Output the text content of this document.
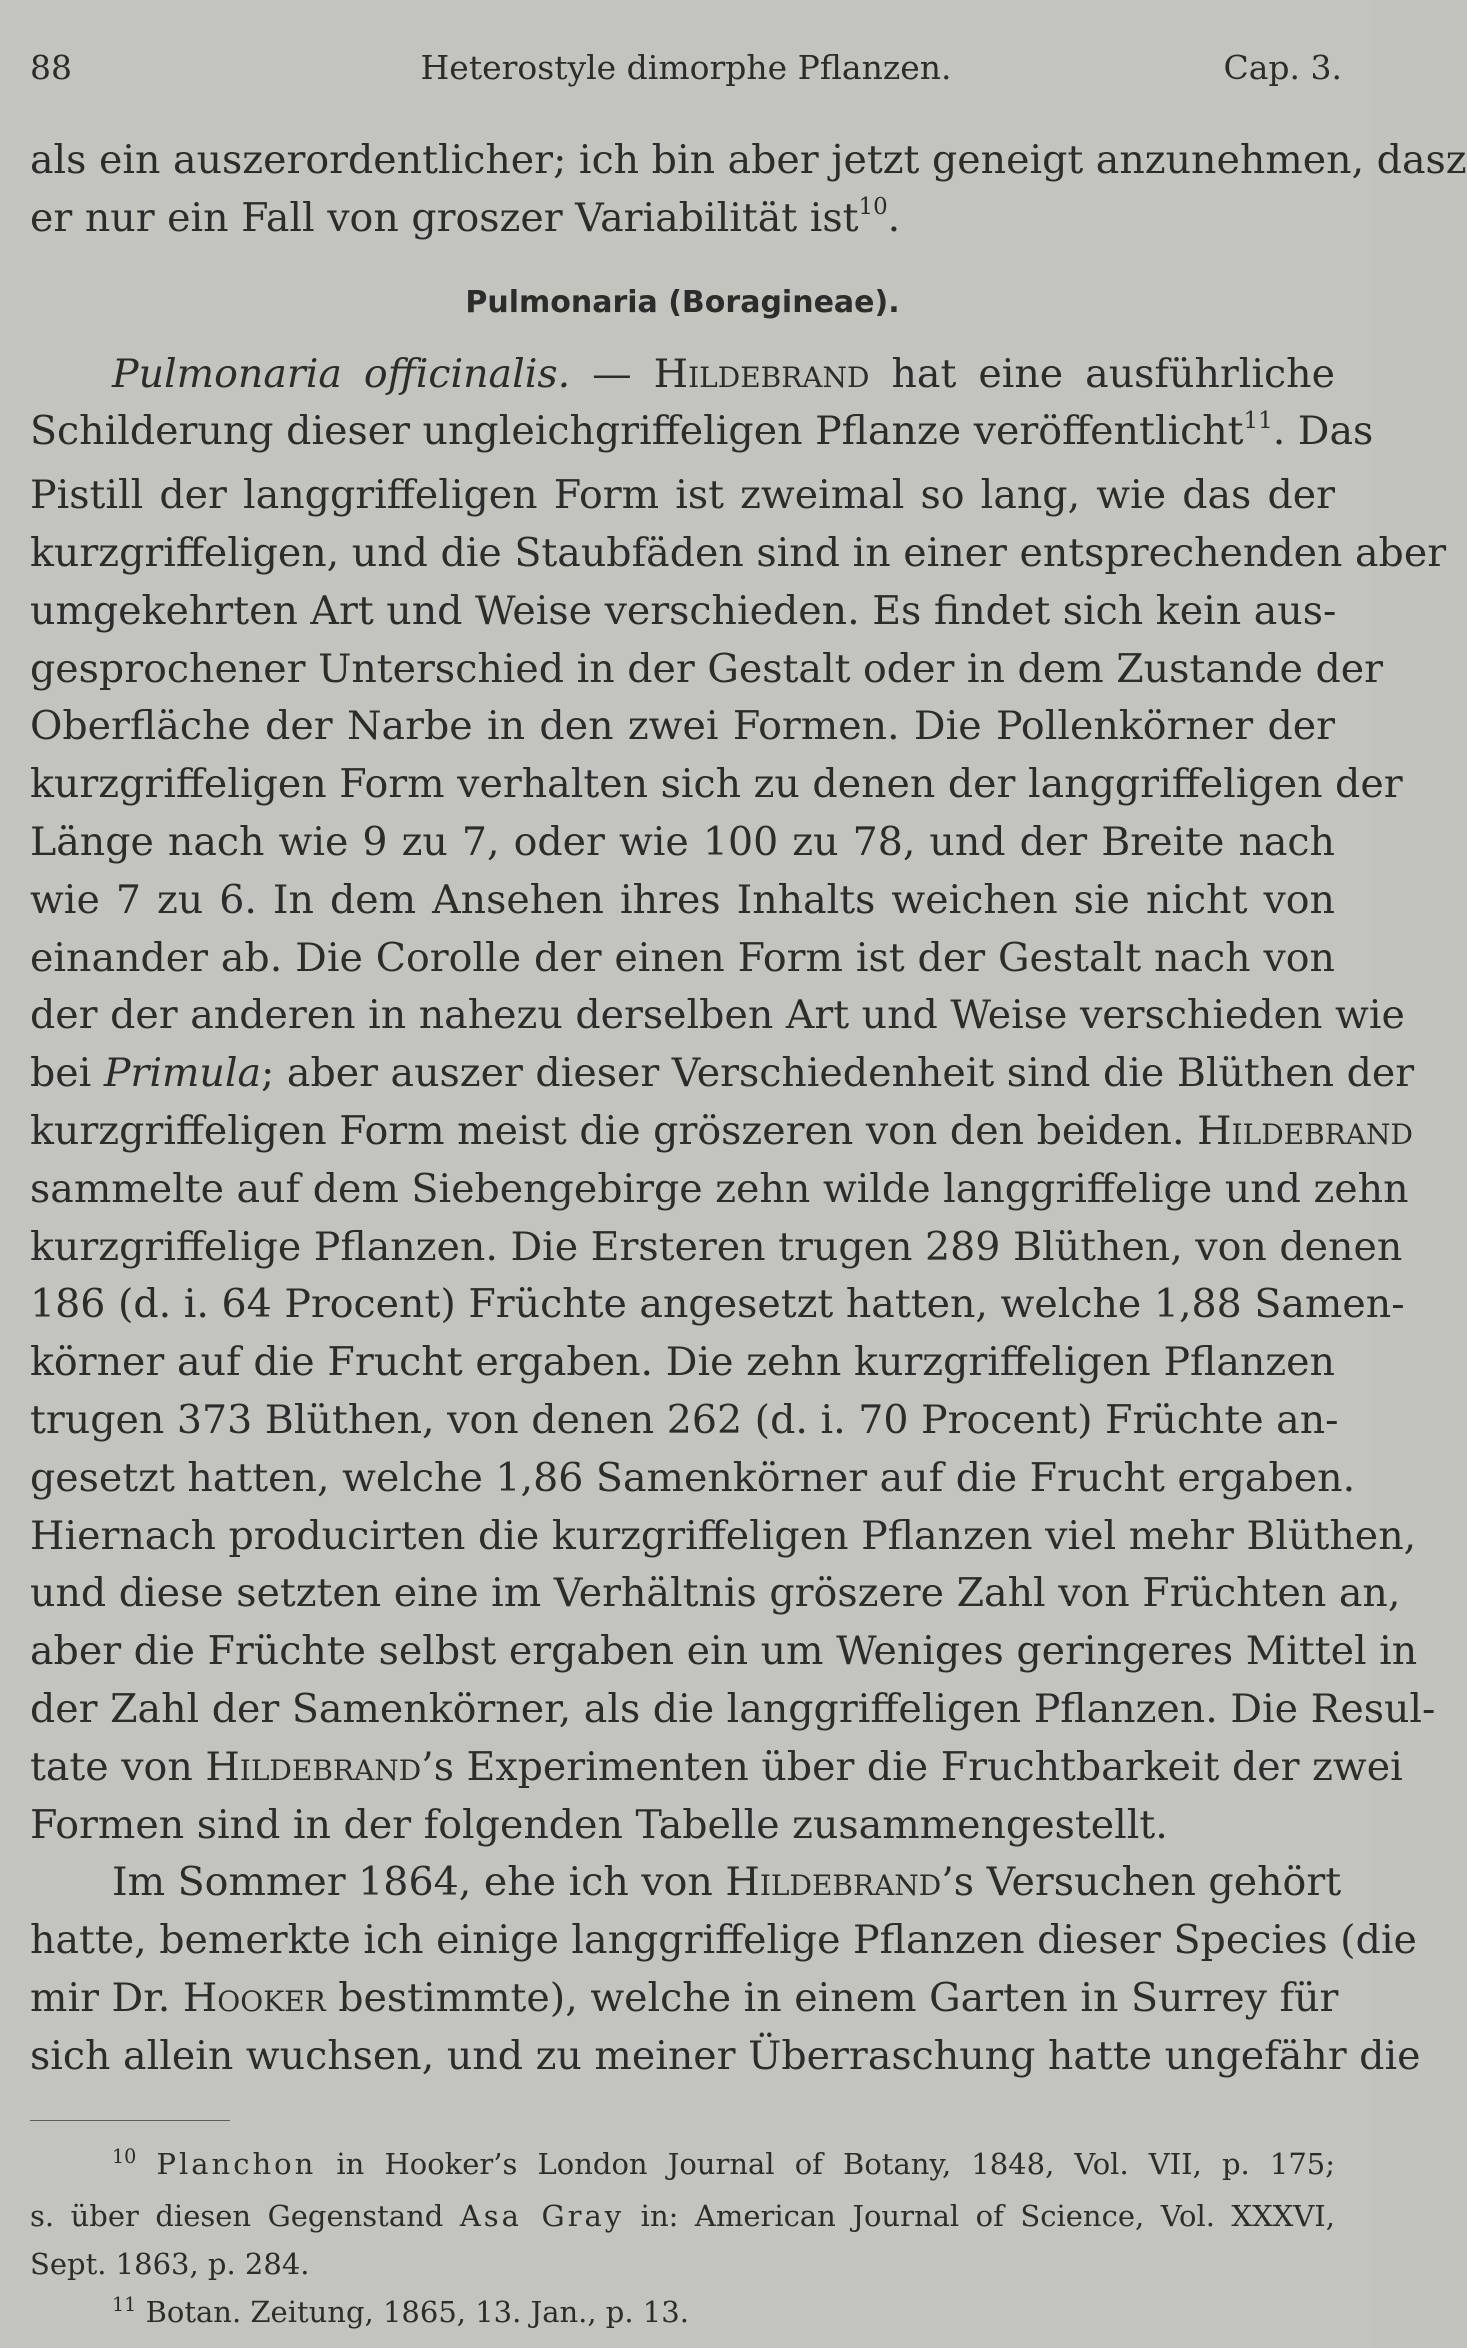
88	Heterostyle dimorphe Pflanzen.	Cap. 3.

als ein auszerordentlicher; ich bin aber jetzt geneigt anzunehmen, dasz
er nur ein Fall von groszer Variabilität ist$^{10}$.

Pulmonaria (Boragineae).

Pulmonaria officinalis. — Hildebrand hat eine ausführliche
Schilderung dieser ungleichgriffeligen Pflanze veröffentlicht$^{11}$. Das
Pistill der langgriffeligen Form ist zweimal so lang, wie das der
kurzgriffeligen, und die Staubfäden sind in einer entsprechenden aber
umgekehrten Art und Weise verschieden. Es findet sich kein aus-
gesprochener Unterschied in der Gestalt oder in dem Zustande der
Oberfläche der Narbe in den zwei Formen. Die Pollenkörner der
kurzgriffeligen Form verhalten sich zu denen der langgriffeligen der
Länge nach wie 9 zu 7, oder wie 100 zu 78, und der Breite nach
wie 7 zu 6. In dem Ansehen ihres Inhalts weichen sie nicht von
einander ab. Die Corolle der einen Form ist der Gestalt nach von
der der anderen in nahezu derselben Art und Weise verschieden wie
bei Primula; aber auszer dieser Verschiedenheit sind die Blüthen der
kurzgriffeligen Form meist die gröszeren von den beiden. Hildebrand
sammelte auf dem Siebengebirge zehn wilde langgriffelige und zehn
kurzgriffelige Pflanzen. Die Ersteren trugen 289 Blüthen, von denen
186 (d. i. 64 Procent) Früchte angesetzt hatten, welche 1,88 Samen-
körner auf die Frucht ergaben. Die zehn kurzgriffeligen Pflanzen
trugen 373 Blüthen, von denen 262 (d. i. 70 Procent) Früchte an-
gesetzt hatten, welche 1,86 Samenkörner auf die Frucht ergaben.
Hiernach producirten die kurzgriffeligen Pflanzen viel mehr Blüthen,
und diese setzten eine im Verhältnis gröszere Zahl von Früchten an,
aber die Früchte selbst ergaben ein um Weniges geringeres Mittel in
der Zahl der Samenkörner, als die langgriffeligen Pflanzen. Die Resul-
tate von Hildebrand’s Experimenten über die Fruchtbarkeit der zwei
Formen sind in der folgenden Tabelle zusammengestellt.

Im Sommer 1864, ehe ich von Hildebrand’s Versuchen gehört
hatte, bemerkte ich einige langgriffelige Pflanzen dieser Species (die
mir Dr. Hooker bestimmte), welche in einem Garten in Surrey für
sich allein wuchsen, und zu meiner Überraschung hatte ungefähr die

$^{10}$ Planchon in Hooker’s London Journal of Botany, 1848, Vol. VII, p. 175;
s. über diesen Gegenstand Asa Gray in: American Journal of Science, Vol. XXXVI,
Sept. 1863, p. 284.
$^{11}$ Botan. Zeitung, 1865, 13. Jan., p. 13.
